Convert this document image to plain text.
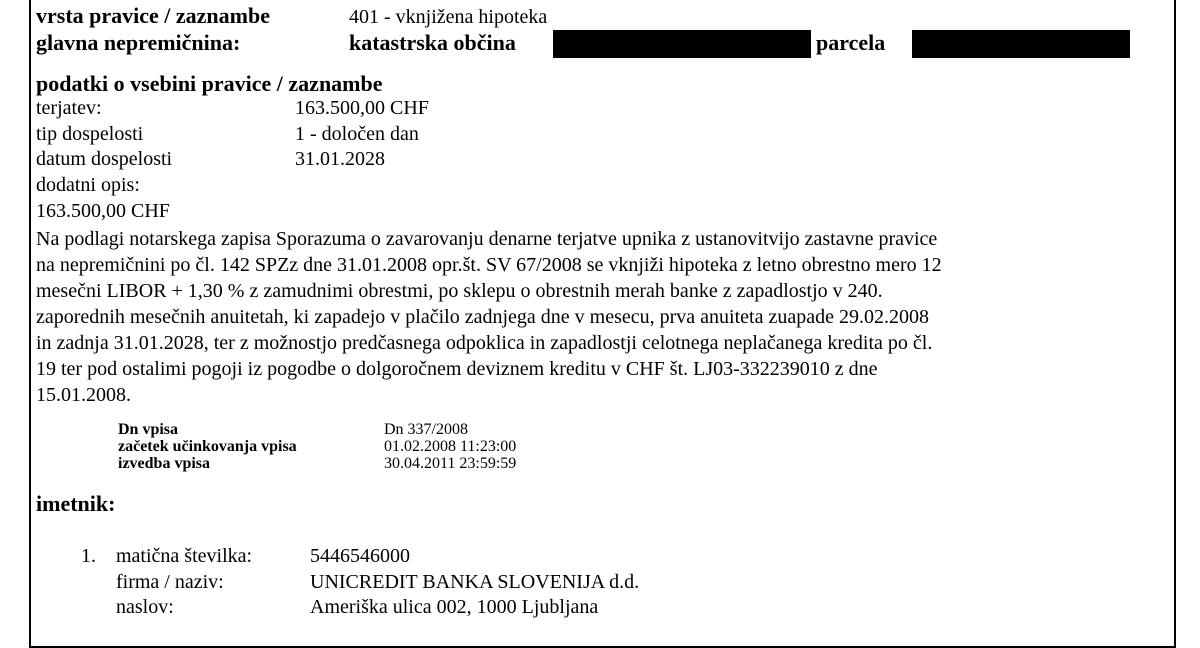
vrsta pravice / zaznambe	401 - vknjižena hipoteka
glavna nepremičnina:	katastrska občina	parcela
podatki o vsebini pravice / zaznambe
terjatev:	163.500,00 CHF
tip dospelosti	1 - določen dan
datum dospelosti	31.01.2028
dodatni opis:
163.500,00 CHF
Na podlagi notarskega zapisa Sporazuma o zavarovanju denarne terjatve upnika z ustanovitvijo zastavne pravice
na nepremičnini po čl. 142 SPZz dne 31.01.2008 opr.št. SV 67/2008 se vknjiži hipoteka z letno obrestno mero 12
mesečni LIBOR + 1,30 % z zamudnimi obrestmi, po sklepu o obrestnih merah banke z zapadlostjo v 240.
zaporednih mesečnih anuitetah, ki zapadejo v plačilo zadnjega dne v mesecu, prva anuiteta zuapade 29.02.2008
in zadnja 31.01.2028, ter z možnostjo predčasnega odpoklica in zapadlostji celotnega neplačanega kredita po čl.
19 ter pod ostalimi pogoji iz pogodbe o dolgoročnem deviznem kreditu v CHF št. LJ03-332239010 z dne
15.01.2008.
Dn vpisa	Dn 337/2008
začetek učinkovanja vpisa	01.02.2008 11:23:00
izvedba vpisa	30.04.2011 23:59:59
imetnik:
1. matična številka:	5446546000
firma / naziv:	UNICREDIT BANKA SLOVENIJA d.d.
naslov:	Ameriška ulica 002, 1000 Ljubljana
